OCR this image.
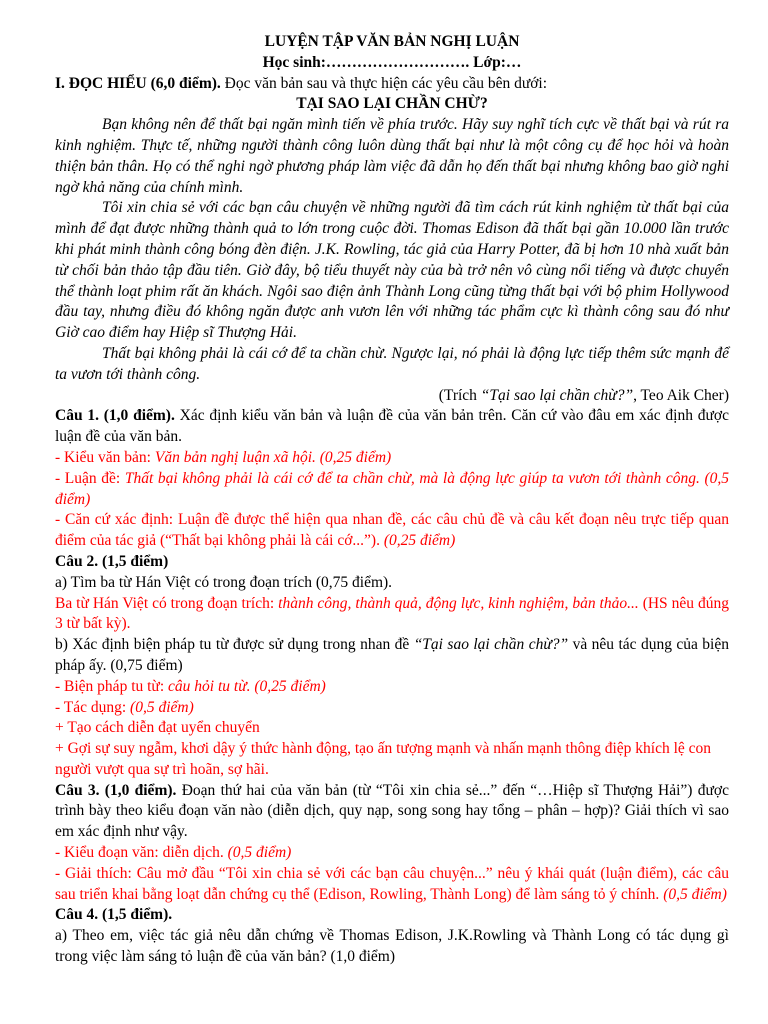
LUYỆN TẬP VĂN BẢN NGHỊ LUẬN

Học sinh:………………………. Lớp:…

I. ĐỌC HIỂU (6,0 điểm). Đọc văn bản sau và thực hiện các yêu cầu bên dưới:

TẠI SAO LẠI CHẦN CHỪ?

Bạn không nên để thất bại ngăn mình tiến về phía trước. Hãy suy nghĩ tích cực về thất bại và rút ra kinh nghiệm. Thực tế, những người thành công luôn dùng thất bại như là một công cụ để học hỏi và hoàn thiện bản thân. Họ có thể nghi ngờ phương pháp làm việc đã dẫn họ đến thất bại nhưng không bao giờ nghi ngờ khả năng của chính mình.

Tôi xin chia sẻ với các bạn câu chuyện về những người đã tìm cách rút kinh nghiệm từ thất bại của mình để đạt được những thành quả to lớn trong cuộc đời. Thomas Edison đã thất bại gần 10.000 lần trước khi phát minh thành công bóng đèn điện. J.K. Rowling, tác giả của Harry Potter, đã bị hơn 10 nhà xuất bản từ chối bản thảo tập đầu tiên. Giờ đây, bộ tiểu thuyết này của bà trở nên vô cùng nổi tiếng và được chuyển thể thành loạt phim rất ăn khách. Ngôi sao điện ảnh Thành Long cũng từng thất bại với bộ phim Hollywood đầu tay, nhưng điều đó không ngăn được anh vươn lên với những tác phẩm cực kì thành công sau đó như Giờ cao điểm hay Hiệp sĩ Thượng Hải.

Thất bại không phải là cái cớ để ta chần chừ. Ngược lại, nó phải là động lực tiếp thêm sức mạnh để ta vươn tới thành công.

(Trích “Tại sao lại chần chừ?”, Teo Aik Cher)

Câu 1. (1,0 điểm). Xác định kiểu văn bản và luận đề của văn bản trên. Căn cứ vào đâu em xác định được luận đề của văn bản.

- Kiểu văn bản: Văn bản nghị luận xã hội. (0,25 điểm)

- Luận đề: Thất bại không phải là cái cớ để ta chần chừ, mà là động lực giúp ta vươn tới thành công. (0,5 điểm)

- Căn cứ xác định: Luận đề được thể hiện qua nhan đề, các câu chủ đề và câu kết đoạn nêu trực tiếp quan điểm của tác giả (“Thất bại không phải là cái cớ...”). (0,25 điểm)

Câu 2. (1,5 điểm)

a) Tìm ba từ Hán Việt có trong đoạn trích (0,75 điểm).

Ba từ Hán Việt có trong đoạn trích: thành công, thành quả, động lực, kinh nghiệm, bản thảo... (HS nêu đúng 3 từ bất kỳ).

b) Xác định biện pháp tu từ được sử dụng trong nhan đề “Tại sao lại chần chừ?” và nêu tác dụng của biện pháp ấy. (0,75 điểm)

- Biện pháp tu từ: câu hỏi tu từ. (0,25 điểm)

- Tác dụng: (0,5 điểm)

+ Tạo cách diễn đạt uyển chuyển

+ Gợi sự suy ngẫm, khơi dậy ý thức hành động, tạo ấn tượng mạnh và nhấn mạnh thông điệp khích lệ con người vượt qua sự trì hoãn, sợ hãi.

Câu 3. (1,0 điểm). Đoạn thứ hai của văn bản (từ “Tôi xin chia sẻ...” đến “…Hiệp sĩ Thượng Hải”) được trình bày theo kiểu đoạn văn nào (diễn dịch, quy nạp, song song hay tổng – phân – hợp)? Giải thích vì sao em xác định như vậy.

- Kiểu đoạn văn: diễn dịch. (0,5 điểm)

- Giải thích: Câu mở đầu “Tôi xin chia sẻ với các bạn câu chuyện...” nêu ý khái quát (luận điểm), các câu sau triển khai bằng loạt dẫn chứng cụ thể (Edison, Rowling, Thành Long) để làm sáng tỏ ý chính. (0,5 điểm)

Câu 4. (1,5 điểm).

a) Theo em, việc tác giả nêu dẫn chứng về Thomas Edison, J.K.Rowling và Thành Long có tác dụng gì trong việc làm sáng tỏ luận đề của văn bản? (1,0 điểm)
